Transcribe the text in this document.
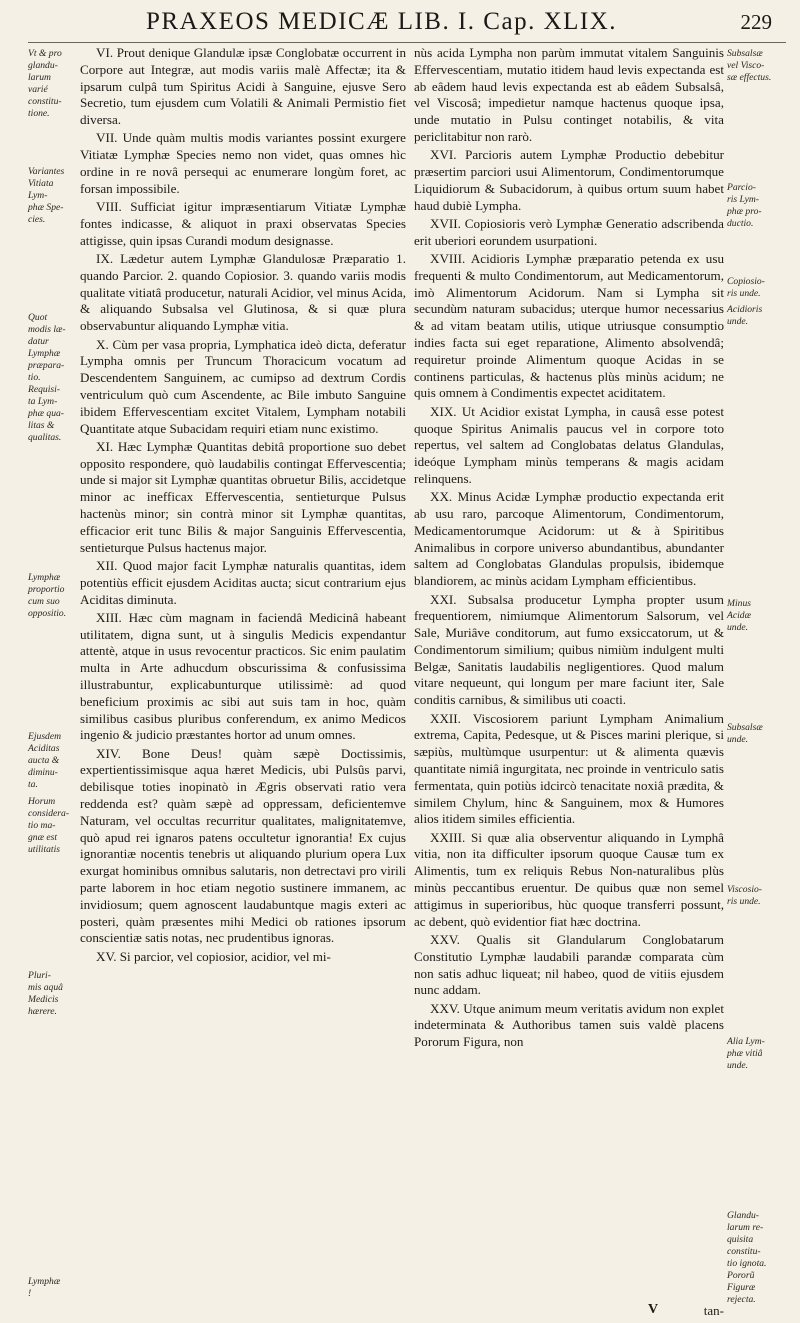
PRAXEOS MEDICÆ LIB. I. Cap. XLIX.	229
Vt & pro
glandu-
larum
varié
constitu-
tione.
Variantes
Vitiata
Lym-
phæ Spe-
cies.
Quot
modis læ-
datur
Lymphæ
præpara-
tio.
Requisi-
ta Lym-
phæ qua-
litas &
qualitas.
Lymphæ
proportio
cum suo
oppositio.
Ejusdem
Aciditas
aucta &
diminu-
ta.
Horum
considera-
tio ma-
gnæ est
utilitatis
Pluri-
mis aquâ
Medicis
hærere.
Lymphæ
!
Subsalsæ
vel Visco-
sæ effectus.
Parcio-
ris Lym-
phæ pro-
ductio.
Copiosio-
ris unde.
Acidioris
unde.
Minus
Acidæ
unde.
Subsalsæ
unde.
Viscosio-
ris unde.
Alia Lym-
phæ vitiâ
unde.
Glandu-
larum re-
quisita
constitu-
tio ignota.
Pororũ
Figuræ
rejecta.

VI. Prout denique Glandulæ ipsæ Conglobatæ occurrent in Corpore aut Integræ, aut modis variis malè Affectæ; ita & ipsarum culpâ tum Spiritus Acidi à Sanguine, ejusve Sero Secretio, tum ejusdem cum Volatili & Animali Permistio fiet diversa.

VII. Unde quàm multis modis variantes possint exurgere Vitiatæ Lymphæ Species nemo non videt, quas omnes hìc ordine in re novâ persequi ac enumerare longùm foret, ac forsan impossibile.

VIII. Sufficiat igitur impræsentiarum Vitiatæ Lymphæ fontes indicasse, & aliquot in praxi observatas Species attigisse, quin ipsas Curandi modum designasse.

IX. Lædetur autem Lymphæ Glandulosæ Præparatio 1. quando Parcior. 2. quando Copiosior. 3. quando variis modis qualitate vitiatâ producetur, naturali Acidior, vel minus Acida, & aliquando Subsalsa vel Glutinosa, & si quæ plura observabuntur aliquando Lymphæ vitia.

X. Cùm per vasa propria, Lymphatica ideò dicta, deferatur Lympha omnis per Truncum Thoracicum vocatum ad Descendentem Sanguinem, ac cumipso ad dextrum Cordis ventriculum quò cum Ascendente, ac Bile imbuto Sanguine ibidem Effervescentiam excitet Vitalem, Lympham notabili Quantitate atque Subacidam requiri etiam nunc existimo.

XI. Hæc Lymphæ Quantitas debitâ proportione suo debet opposito respondere, quò laudabilis contingat Effervescentia; unde si major sit Lymphæ quantitas obruetur Bilis, accidetque minor ac inefficax Effervescentia, sentieturque Pulsus hactenùs minor; sin contrà minor sit Lymphæ quantitas, efficacior erit tunc Bilis & major Sanguinis Effervescentia, sentieturque Pulsus hactenus major.

XII. Quod major facit Lymphæ naturalis quantitas, idem potentiùs efficit ejusdem Aciditas aucta; sicut contrarium ejus Aciditas diminuta.

XIII. Hæc cùm magnam in faciendâ Medicinâ habeant utilitatem, digna sunt, ut à singulis Medicis expendantur attentè, atque in usus revocentur practicos. Sic enim paulatim multa in Arte adhucdum obscurissima & confusissima illustrabuntur, explicabunturque utilissimè: ad quod beneficium proximis ac sibi aut suis tam in hoc, quàm similibus casibus pluribus conferendum, ex animo Medicos ingenio & judicio præstantes hortor ad unum omnes.

XIV. Bone Deus! quàm sæpè Doctissimis, expertientissimisque aqua hæret Medicis, ubi Pulsûs parvi, debilisque toties inopinatò in Ægris observati ratio vera reddenda est? quàm sæpè ad oppressam, deficientemve Naturam, vel occultas recurritur qualitates, malignitatemve, quò apud rei ignaros patens occultetur ignorantia! Ex cujus ignorantiæ nocentis tenebris ut aliquando plurium opera Lux exurgat hominibus omnibus salutaris, non detrectavi pro virili parte laborem in hoc etiam negotio sustinere immanem, ac invidiosum; quem agnoscent laudabuntque magis exteri ac posteri, quàm præsentes mihi Medici ob rationes ipsorum conscientiæ satis notas, nec prudentibus ignoras.

XV. Si parcior, vel copiosior, acidior, vel mi-

nùs acida Lympha non parùm immutat vitalem Sanguinis Effervescentiam, mutatio itidem haud levis expectanda est ab eâdem haud levis expectanda est ab eâdem Subsalsâ, vel Viscosâ; impedietur namque hactenus quoque ipsa, unde mutatio in Pulsu continget notabilis, & vita periclitabitur non rarò.

XVI. Parcioris autem Lymphæ Productio debebitur præsertim parciori usui Alimentorum, Condimentorumque Liquidiorum & Subacidorum, à quibus ortum suum habet haud dubiè Lympha.

XVII. Copiosioris verò Lymphæ Generatio adscribenda erit uberiori eorundem usurpationi.

XVIII. Acidioris Lymphæ præparatio petenda ex usu frequenti & multo Condimentorum, aut Medicamentorum, imò Alimentorum Acidorum. Nam si Lympha sit secundùm naturam subacidus; uterque humor necessarius & ad vitam beatam utilis, utique utriusque consumptio indies facta sui eget reparatione, Alimento absolvendâ; requiretur proinde Alimentum quoque Acidas in se continens particulas, & hactenus plùs minùs acidum; ne quis omnem à Condimentis expectet aciditatem.

XIX. Ut Acidior existat Lympha, in causâ esse potest quoque Spiritus Animalis paucus vel in corpore toto repertus, vel saltem ad Conglobatas delatus Glandulas, ideóque Lympham minùs temperans & magis acidam relinquens.

XX. Minus Acidæ Lymphæ productio expectanda erit ab usu raro, parcoque Alimentorum, Condimentorum, Medicamentorumque Acidorum: ut & à Spiritibus Animalibus in corpore universo abundantibus, abundanter saltem ad Conglobatas Glandulas propulsis, ibidemque blandiorem, ac minùs acidam Lympham efficientibus.

XXI. Subsalsa producetur Lympha propter usum frequentiorem, nimiumque Alimentorum Salsorum, vel Sale, Muriâve conditorum, aut fumo exsiccatorum, ut & Condimentorum similium; quibus nimiùm indulgent multi Belgæ, Sanitatis laudabilis negligentiores. Quod malum vitare nequeunt, qui longum per mare faciunt iter, Sale conditis carnibus, & similibus uti coacti.

XXII. Viscosiorem pariunt Lympham Animalium extrema, Capita, Pedesque, ut & Pisces marini plerique, si sæpiùs, multùmque usurpentur: ut & alimenta quævis quantitate nimiâ ingurgitata, nec proinde in ventriculo satis fermentata, quin potiùs idcircò tenacitate noxiâ prædita, & similem Chylum, hinc & Sanguinem, mox & Humores alios itidem similes efficientia.

XXIII. Si quæ alia observentur aliquando in Lymphâ vitia, non ita difficulter ipsorum quoque Causæ tum ex Alimentis, tum ex reliquis Rebus Non-naturalibus plùs minùs peccantibus eruentur. De quibus quæ non semel attigimus in superioribus, hùc quoque transferri possunt, ac debent, quò evidentior fiat hæc doctrina.

XXV. Qualis sit Glandularum Conglobatarum Constitutio Lymphæ laudabili parandæ comparata cùm non satis adhuc liqueat; nil habeo, quod de vitiis ejusdem nunc addam.

XXV. Utque animum meum veritatis avidum non explet indeterminata & Authoribus tamen suis valdè placens Pororum Figura, non

V	tan-
